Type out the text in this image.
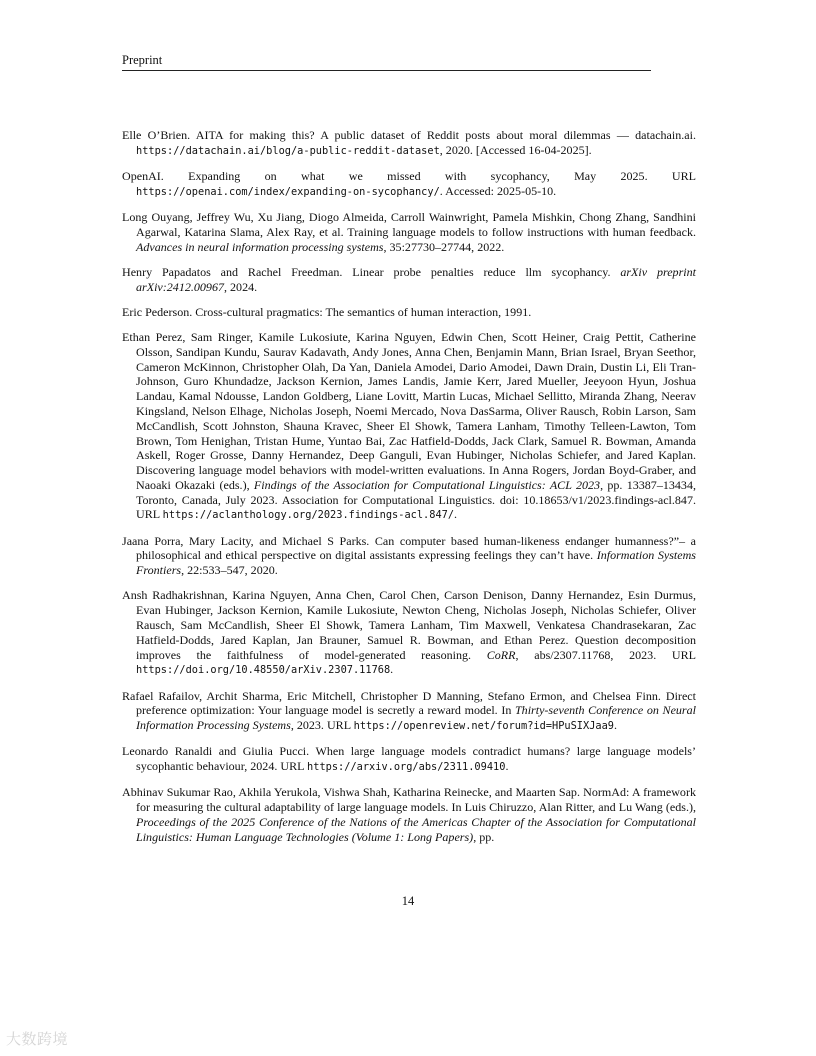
Preprint

Elle O’Brien. AITA for making this? A public dataset of Reddit posts about moral dilemmas — datachain.ai. https://datachain.ai/blog/a-public-reddit-dataset, 2020. [Accessed 16-04-2025].

OpenAI. Expanding on what we missed with sycophancy, May 2025. URL https://openai.com/index/expanding-on-sycophancy/. Accessed: 2025-05-10.

Long Ouyang, Jeffrey Wu, Xu Jiang, Diogo Almeida, Carroll Wainwright, Pamela Mishkin, Chong Zhang, Sandhini Agarwal, Katarina Slama, Alex Ray, et al. Training language models to follow instructions with human feedback. Advances in neural information processing systems, 35:27730–27744, 2022.

Henry Papadatos and Rachel Freedman. Linear probe penalties reduce llm sycophancy. arXiv preprint arXiv:2412.00967, 2024.

Eric Pederson. Cross-cultural pragmatics: The semantics of human interaction, 1991.

Ethan Perez, Sam Ringer, Kamile Lukosiute, Karina Nguyen, Edwin Chen, Scott Heiner, Craig Pettit, Catherine Olsson, Sandipan Kundu, Saurav Kadavath, Andy Jones, Anna Chen, Benjamin Mann, Brian Israel, Bryan Seethor, Cameron McKinnon, Christopher Olah, Da Yan, Daniela Amodei, Dario Amodei, Dawn Drain, Dustin Li, Eli Tran-Johnson, Guro Khundadze, Jackson Kernion, James Landis, Jamie Kerr, Jared Mueller, Jeeyoon Hyun, Joshua Landau, Kamal Ndousse, Landon Goldberg, Liane Lovitt, Martin Lucas, Michael Sellitto, Miranda Zhang, Neerav Kingsland, Nelson Elhage, Nicholas Joseph, Noemi Mercado, Nova DasSarma, Oliver Rausch, Robin Larson, Sam McCandlish, Scott Johnston, Shauna Kravec, Sheer El Showk, Tamera Lanham, Timothy Telleen-Lawton, Tom Brown, Tom Henighan, Tristan Hume, Yuntao Bai, Zac Hatfield-Dodds, Jack Clark, Samuel R. Bowman, Amanda Askell, Roger Grosse, Danny Hernandez, Deep Ganguli, Evan Hubinger, Nicholas Schiefer, and Jared Kaplan. Discovering language model behaviors with model-written evaluations. In Anna Rogers, Jordan Boyd-Graber, and Naoaki Okazaki (eds.), Findings of the Association for Computational Linguistics: ACL 2023, pp. 13387–13434, Toronto, Canada, July 2023. Association for Computational Linguistics. doi: 10.18653/v1/2023.findings-acl.847. URL https://aclanthology.org/2023.findings-acl.847/.

Jaana Porra, Mary Lacity, and Michael S Parks. Can computer based human-likeness endanger humanness?”– a philosophical and ethical perspective on digital assistants expressing feelings they can’t have. Information Systems Frontiers, 22:533–547, 2020.

Ansh Radhakrishnan, Karina Nguyen, Anna Chen, Carol Chen, Carson Denison, Danny Hernandez, Esin Durmus, Evan Hubinger, Jackson Kernion, Kamile Lukosiute, Newton Cheng, Nicholas Joseph, Nicholas Schiefer, Oliver Rausch, Sam McCandlish, Sheer El Showk, Tamera Lanham, Tim Maxwell, Venkatesa Chandrasekaran, Zac Hatfield-Dodds, Jared Kaplan, Jan Brauner, Samuel R. Bowman, and Ethan Perez. Question decomposition improves the faithfulness of model-generated reasoning. CoRR, abs/2307.11768, 2023. URL https://doi.org/10.48550/arXiv.2307.11768.

Rafael Rafailov, Archit Sharma, Eric Mitchell, Christopher D Manning, Stefano Ermon, and Chelsea Finn. Direct preference optimization: Your language model is secretly a reward model. In Thirty-seventh Conference on Neural Information Processing Systems, 2023. URL https://openreview.net/forum?id=HPuSIXJaa9.

Leonardo Ranaldi and Giulia Pucci. When large language models contradict humans? large language models’ sycophantic behaviour, 2024. URL https://arxiv.org/abs/2311.09410.

Abhinav Sukumar Rao, Akhila Yerukola, Vishwa Shah, Katharina Reinecke, and Maarten Sap. NormAd: A framework for measuring the cultural adaptability of large language models. In Luis Chiruzzo, Alan Ritter, and Lu Wang (eds.), Proceedings of the 2025 Conference of the Nations of the Americas Chapter of the Association for Computational Linguistics: Human Language Technologies (Volume 1: Long Papers), pp.

14
大数跨境
